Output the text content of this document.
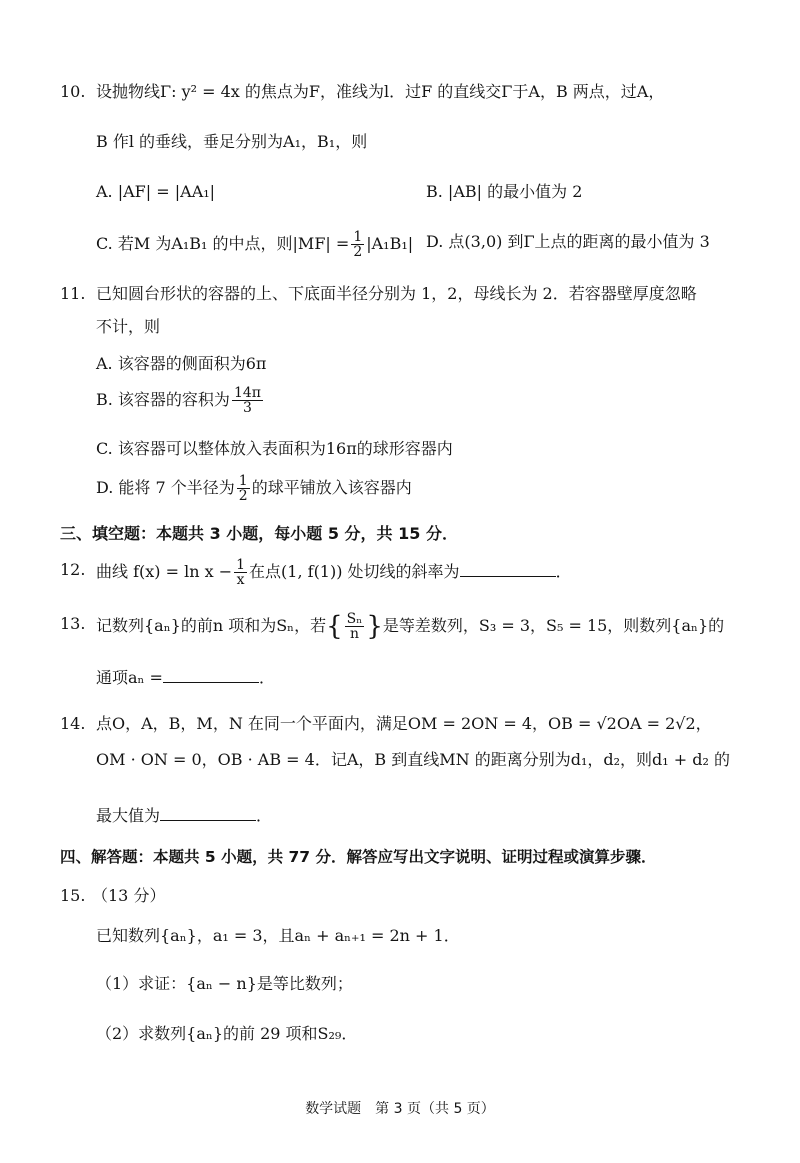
10. 设抛物线Γ: y² = 4x 的焦点为F，准线为l．过F 的直线交Γ于A，B 两点，过A，
B 作l 的垂线，垂足分别为A₁，B₁，则
A. |AF| = |AA₁|	B. |AB| 的最小值为 2
C. 若M 为A₁B₁ 的中点，则$|MF| = \frac{1}{2} |A_1B_1|$ D. 点(3,0) 到Γ上点的距离的最小值为 3
11. 已知圆台形状的容器的上、下底面半径分别为 1，2，母线长为 2．若容器壁厚度忽略
不计，则
A. 该容器的侧面积为6π
B. 该容器的容积为 $\frac{14\pi}{3}$
C. 该容器可以整体放入表面积为16π的球形容器内
D. 能将 7 个半径为 $\frac{1}{2}$ 的球平铺放入该容器内
三、填空题：本题共 3 小题，每小题 5 分，共 15 分．
12. 曲线 $f(x) = \ln x - \frac{1}{x}$ 在点(1, f(1)) 处切线的斜率为	．
13. 记数列{aₙ}的前n 项和为Sₙ，若{ $\frac{\text{Sₙ}}{n}$ }是等差数列，S₃ = 3，S₅ = 15，则数列{aₙ}的
通项aₙ =	．
14. 点O，A，B，M，N 在同一个平面内，满足OM = 2ON = 4，OB = √2OA = 2√2，
OM · ON = 0，OB · AB = 4．记A，B 到直线MN 的距离分别为d₁，d₂，则d₁ + d₂ 的
最大值为	．
四、解答题：本题共 5 小题，共 77 分．解答应写出文字说明、证明过程或演算步骤．
15. （13 分）
已知数列{aₙ}，a₁ = 3，且aₙ + aₙ₊₁ = 2n + 1．
（1）求证：{aₙ − n}是等比数列；
（2）求数列{aₙ}的前 29 项和S₂₉．
数学试题　第 3 页（共 5 页）
